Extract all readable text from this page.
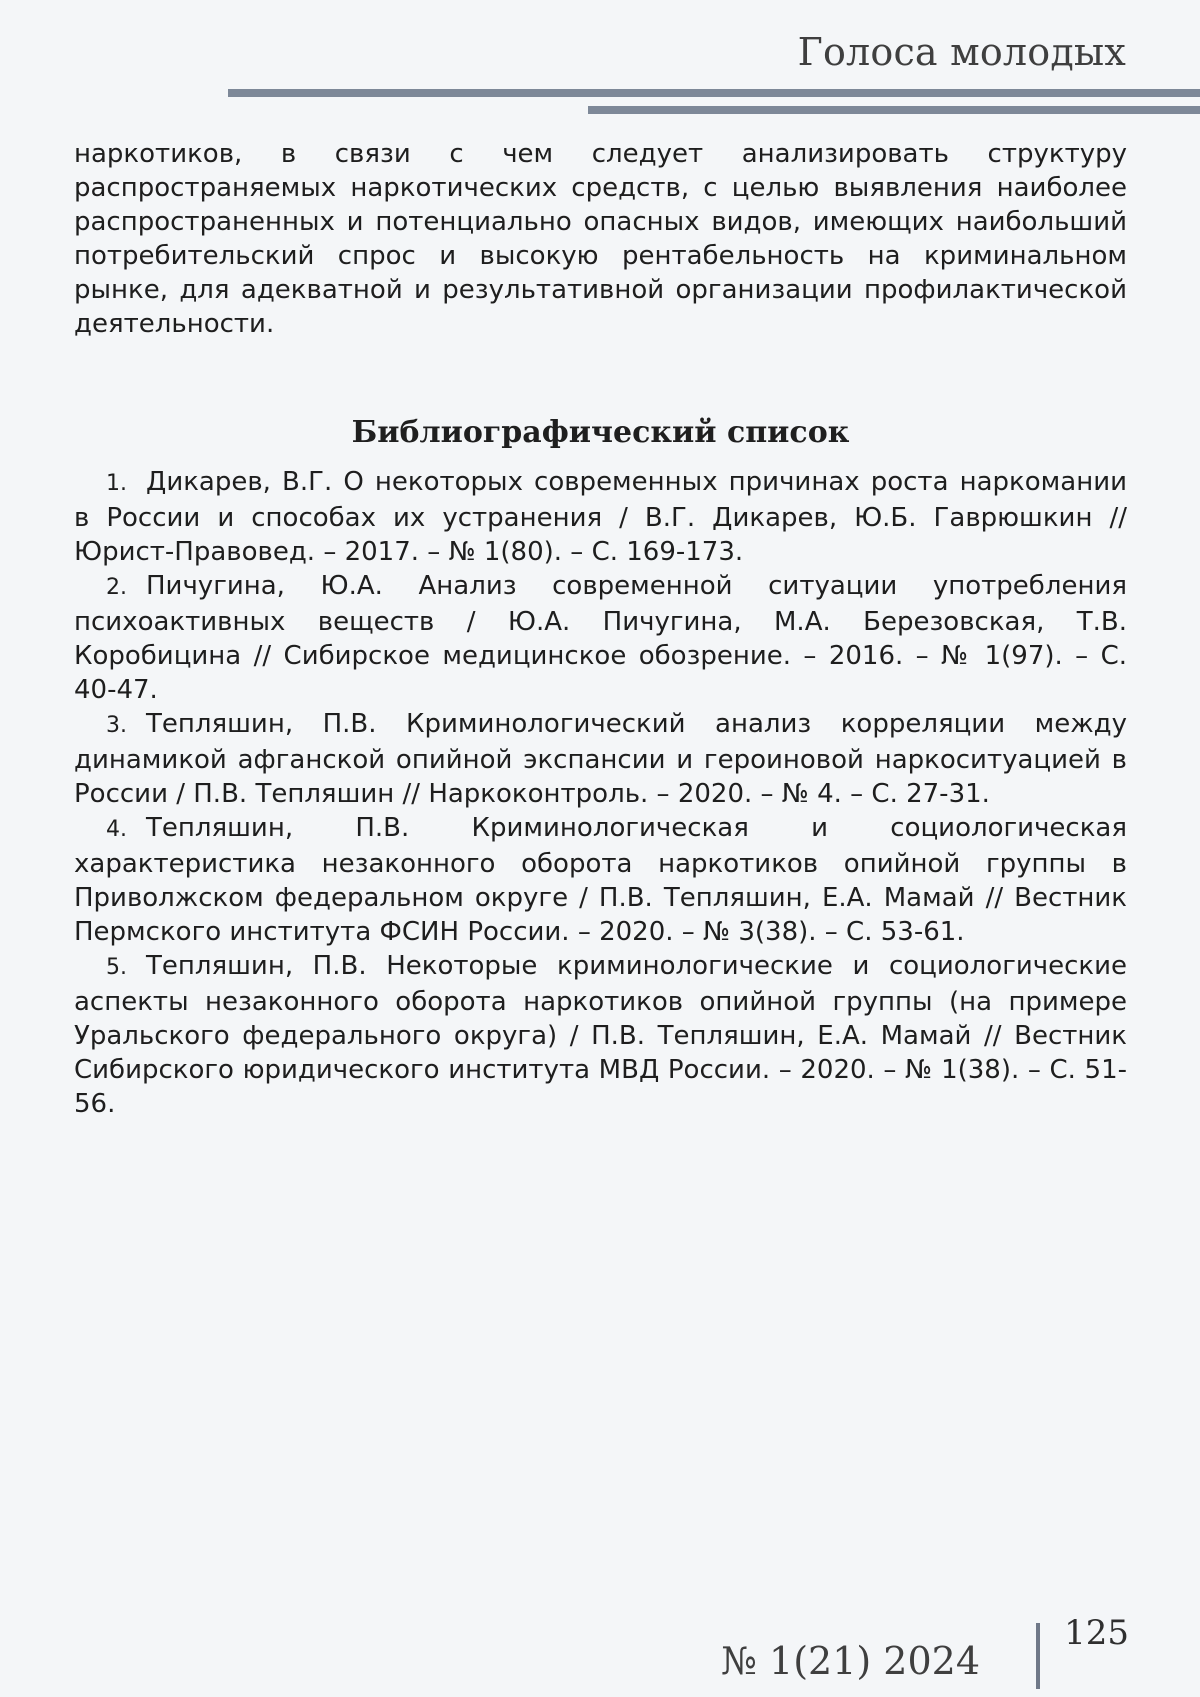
Голоса молодых

наркотиков, в связи с чем следует анализировать структуру распространяемых наркотических средств, с целью выявления наиболее распространенных и потенциально опасных видов, имеющих наибольший потребительский спрос и высокую рентабельность на криминальном рынке, для адекватной и результативной организации профилактической деятельности.

Библиографический список
1. Дикарев, В.Г. О некоторых современных причинах роста наркомании в России и способах их устранения / В.Г. Дикарев, Ю.Б. Гаврюшкин // Юрист-Правовед. – 2017. – № 1(80). – С. 169-173.
2. Пичугина, Ю.А. Анализ современной ситуации употребления психоактивных веществ / Ю.А. Пичугина, М.А. Березовская, Т.В. Коробицина // Сибирское медицинское обозрение. – 2016. – № 1(97). – С. 40-47.
3. Тепляшин, П.В. Криминологический анализ корреляции между динамикой афганской опийной экспансии и героиновой наркоситуацией в России / П.В. Тепляшин // Наркоконтроль. – 2020. – № 4. – С. 27-31.
4. Тепляшин, П.В. Криминологическая и социологическая характеристика незаконного оборота наркотиков опийной группы в Приволжском федеральном округе / П.В. Тепляшин, Е.А. Мамай // Вестник Пермского института ФСИН России. – 2020. – № 3(38). – С. 53-61.
5. Тепляшин, П.В. Некоторые криминологические и социологические аспекты незаконного оборота наркотиков опийной группы (на примере Уральского федерального округа) / П.В. Тепляшин, Е.А. Мамай // Вестник Сибирского юридического института МВД России. – 2020. – № 1(38). – С. 51-56.
№ 1(21) 2024
125
